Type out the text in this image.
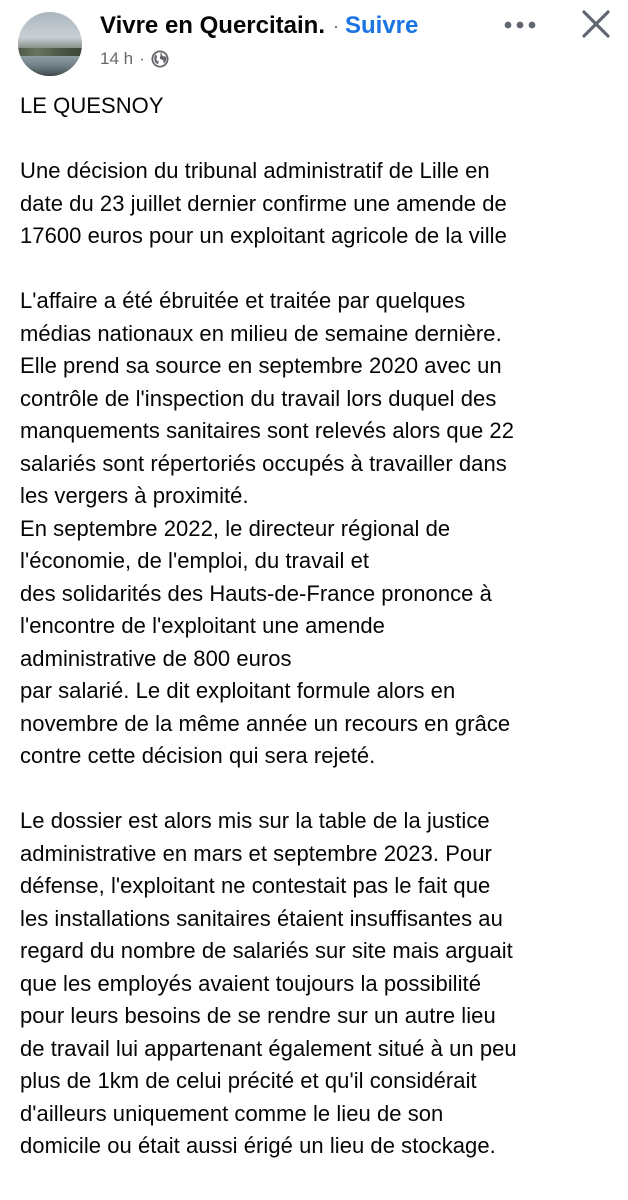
Vivre en Quercitain. · Suivre
14 h ·
LE QUESNOY
Une décision du tribunal administratif de Lille en
date du 23 juillet dernier confirme une amende de
17600 euros pour un exploitant agricole de la ville
L'affaire a été ébruitée et traitée par quelques
médias nationaux en milieu de semaine dernière.
Elle prend sa source en septembre 2020 avec un
contrôle de l'inspection du travail lors duquel des
manquements sanitaires sont relevés alors que 22
salariés sont répertoriés occupés à travailler dans
les vergers à proximité.
En septembre 2022, le directeur régional de
l'économie, de l'emploi, du travail et
des solidarités des Hauts-de-France prononce à
l'encontre de l'exploitant une amende
administrative de 800 euros
par salarié. Le dit exploitant formule alors en
novembre de la même année un recours en grâce
contre cette décision qui sera rejeté.
Le dossier est alors mis sur la table de la justice
administrative en mars et septembre 2023. Pour
défense, l'exploitant ne contestait pas le fait que
les installations sanitaires étaient insuffisantes au
regard du nombre de salariés sur site mais arguait
que les employés avaient toujours la possibilité
pour leurs besoins de se rendre sur un autre lieu
de travail lui appartenant également situé à un peu
plus de 1km de celui précité et qu'il considérait
d'ailleurs uniquement comme le lieu de son
domicile ou était aussi érigé un lieu de stockage.
